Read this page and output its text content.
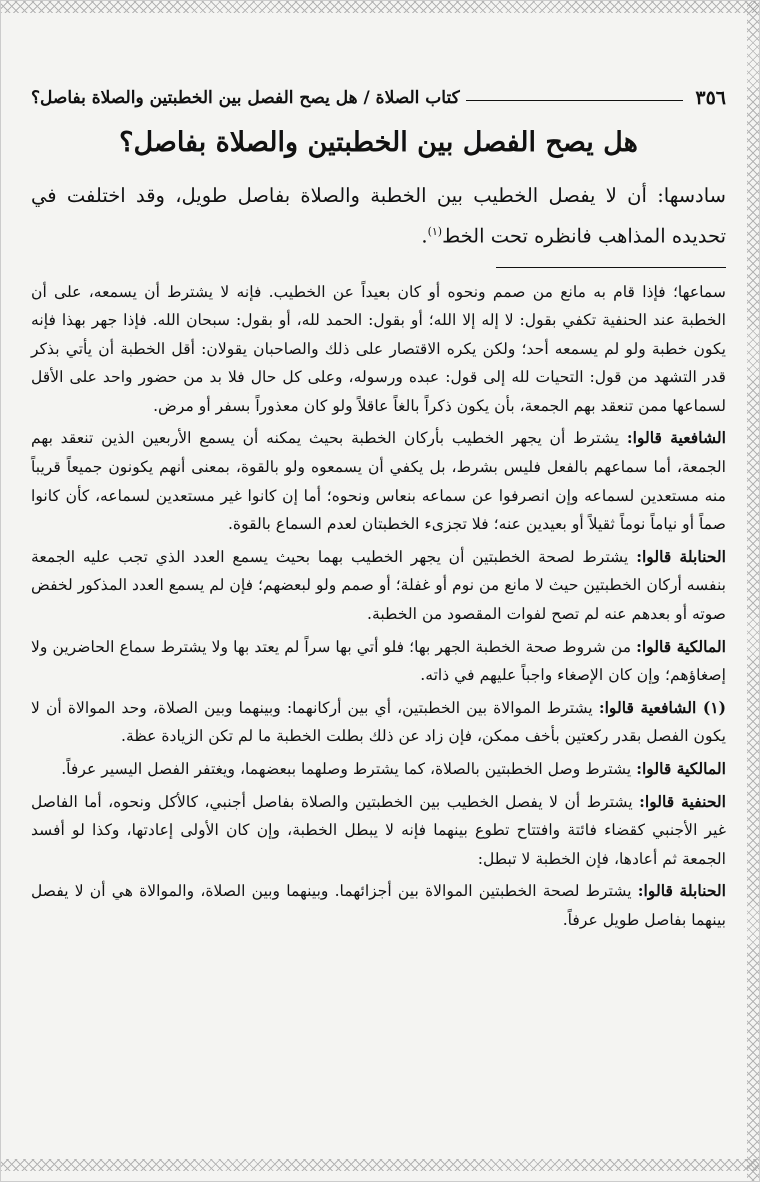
٣٥٦
كتاب الصلاة / هل يصح الفصل بين الخطبتين والصلاة بفاصل؟
هل يصح الفصل بين الخطبتين والصلاة بفاصل؟

سادسها: أن لا يفصل الخطيب بين الخطبة والصلاة بفاصل طويل، وقد اختلفت في تحديده المذاهب فانظره تحت الخط$^{(١)}$.

سماعها؛ فإذا قام به مانع من صمم ونحوه أو كان بعيداً عن الخطيب. فإنه لا يشترط أن يسمعه، على أن الخطبة عند الحنفية تكفي بقول: لا إله إلا الله؛ أو بقول: الحمد لله، أو بقول: سبحان الله. فإذا جهر بهذا فإنه يكون خطبة ولو لم يسمعه أحد؛ ولكن يكره الاقتصار على ذلك والصاحبان يقولان: أقل الخطبة أن يأتي بذكر قدر التشهد من قول: التحيات لله إلى قول: عبده ورسوله، وعلى كل حال فلا بد من حضور واحد على الأقل لسماعها ممن تنعقد بهم الجمعة، بأن يكون ذكراً بالغاً عاقلاً ولو كان معذوراً بسفر أو مرض.

الشافعية قالوا: يشترط أن يجهر الخطيب بأركان الخطبة بحيث يمكنه أن يسمع الأربعين الذين تنعقد بهم الجمعة، أما سماعهم بالفعل فليس بشرط، بل يكفي أن يسمعوه ولو بالقوة، بمعنى أنهم يكونون جميعاً قريباً منه مستعدين لسماعه وإن انصرفوا عن سماعه بنعاس ونحوه؛ أما إن كانوا غير مستعدين لسماعه، كأن كانوا صماً أو نياماً نوماً ثقيلاً أو بعيدين عنه؛ فلا تجزىء الخطبتان لعدم السماع بالقوة.

الحنابلة قالوا: يشترط لصحة الخطبتين أن يجهر الخطيب بهما بحيث يسمع العدد الذي تجب عليه الجمعة بنفسه أركان الخطبتين حيث لا مانع من نوم أو غفلة؛ أو صمم ولو لبعضهم؛ فإن لم يسمع العدد المذكور لخفض صوته أو بعدهم عنه لم تصح لفوات المقصود من الخطبة.

المالكية قالوا: من شروط صحة الخطبة الجهر بها؛ فلو أتي بها سراً لم يعتد بها ولا يشترط سماع الحاضرين ولا إصغاؤهم؛ وإن كان الإصغاء واجباً عليهم في ذاته.

(١) الشافعية قالوا: يشترط الموالاة بين الخطبتين، أي بين أركانهما: وبينهما وبين الصلاة، وحد الموالاة أن لا يكون الفصل بقدر ركعتين بأخف ممكن، فإن زاد عن ذلك بطلت الخطبة ما لم تكن الزيادة عظة.

المالكية قالوا: يشترط وصل الخطبتين بالصلاة، كما يشترط وصلهما ببعضهما، ويغتفر الفصل اليسير عرفاً.

الحنفية قالوا: يشترط أن لا يفصل الخطيب بين الخطبتين والصلاة بفاصل أجنبي، كالأكل ونحوه، أما الفاصل غير الأجنبي كقضاء فائتة وافتتاح تطوع بينهما فإنه لا يبطل الخطبة، وإن كان الأولى إعادتها، وكذا لو أفسد الجمعة ثم أعادها، فإن الخطبة لا تبطل:

الحنابلة قالوا: يشترط لصحة الخطبتين الموالاة بين أجزائهما. وبينهما وبين الصلاة، والموالاة هي أن لا يفصل بينهما بفاصل طويل عرفاً.
